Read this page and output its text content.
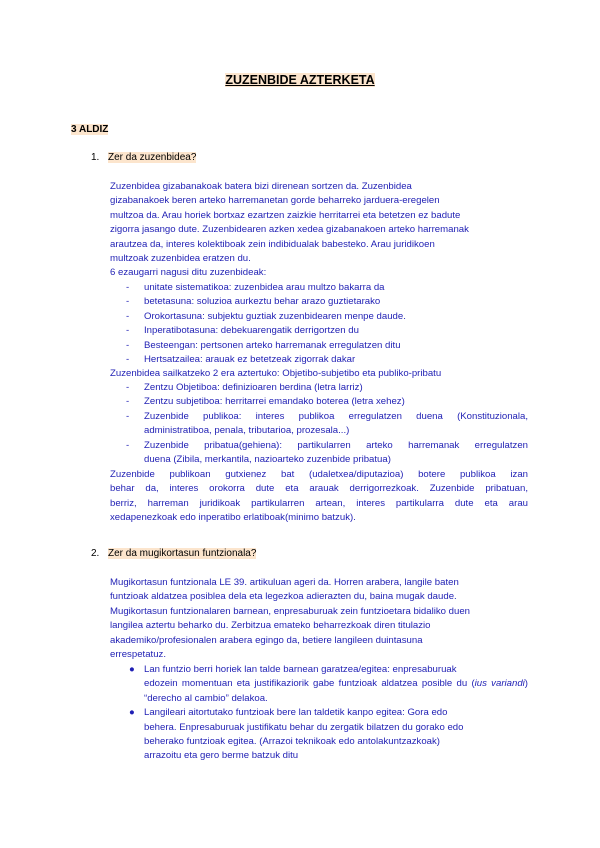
ZUZENBIDE AZTERKETA
3 ALDIZ
1. Zer da zuzenbidea?
Zuzenbidea gizabanakoak batera bizi direnean sortzen da. Zuzenbidea
gizabanakoek beren arteko harremanetan gorde beharreko jarduera-eregelen
multzoa da. Arau horiek bortxaz ezartzen zaizkie herritarrei eta betetzen ez badute
zigorra jasango dute. Zuzenbidearen azken xedea gizabanakoen arteko harremanak
arautzea da, interes kolektiboak zein indibidualak babesteko. Arau juridikoen
multzoak zuzenbidea eratzen du.
6 ezaugarri nagusi ditu zuzenbideak:
- unitate sistematikoa: zuzenbidea arau multzo bakarra da
- betetasuna: soluzioa aurkeztu behar arazo guztietarako
- Orokortasuna: subjektu guztiak zuzenbidearen menpe daude.
- Inperatibotasuna: debekuarengatik derrigortzen du
- Besteengan: pertsonen arteko harremanak erregulatzen ditu
- Hertsatzailea: arauak ez betetzeak zigorrak dakar
Zuzenbidea sailkatzeko 2 era aztertuko: Objetibo-subjetibo eta publiko-pribatu
- Zentzu Objetiboa: definizioaren berdina (letra larriz)
- Zentzu subjetiboa: herritarrei emandako boterea (letra xehez)
- Zuzenbide publikoa: interes publikoa erregulatzen duena (Konstituzionala,
administratiboa, penala, tributarioa, prozesala...)
- Zuzenbide pribatua(gehiena): partikularren arteko harremanak erregulatzen
duena (Zibila, merkantila, nazioarteko zuzenbide pribatua)
Zuzenbide publikoan gutxienez bat (udaletxea/diputazioa) botere publikoa izan
behar da, interes orokorra dute eta arauak derrigorrezkoak. Zuzenbide pribatuan,
berriz, harreman juridikoak partikularren artean, interes partikularra dute eta arau
xedapenezkoak edo inperatibo erlatiboak(minimo batzuk).
2. Zer da mugikortasun funtzionala?
Mugikortasun funtzionala LE 39. artikuluan ageri da. Horren arabera, langile baten
funtzioak aldatzea posiblea dela eta legezkoa adierazten du, baina mugak daude.
Mugikortasun funtzionalaren barnean, enpresaburuak zein funtzioetara bidaliko duen
langilea aztertu beharko du. Zerbitzua emateko beharrezkoak diren titulazio
akademiko/profesionalen arabera egingo da, betiere langileen duintasuna
errespetatuz.
● Lan funtzio berri horiek lan talde barnean garatzea/egitea: enpresaburuak
edozein momentuan eta justifikaziorik gabe funtzioak aldatzea posible du (ius variandi) “derecho al cambio” delakoa.
● Langileari aitortutako funtzioak bere lan taldetik kanpo egitea: Gora edo
behera. Enpresaburuak justifikatu behar du zergatik bilatzen du gorako edo
beherako funtzioak egitea. (Arrazoi teknikoak edo antolakuntzazkoak)
arrazoitu eta gero berme batzuk ditu
